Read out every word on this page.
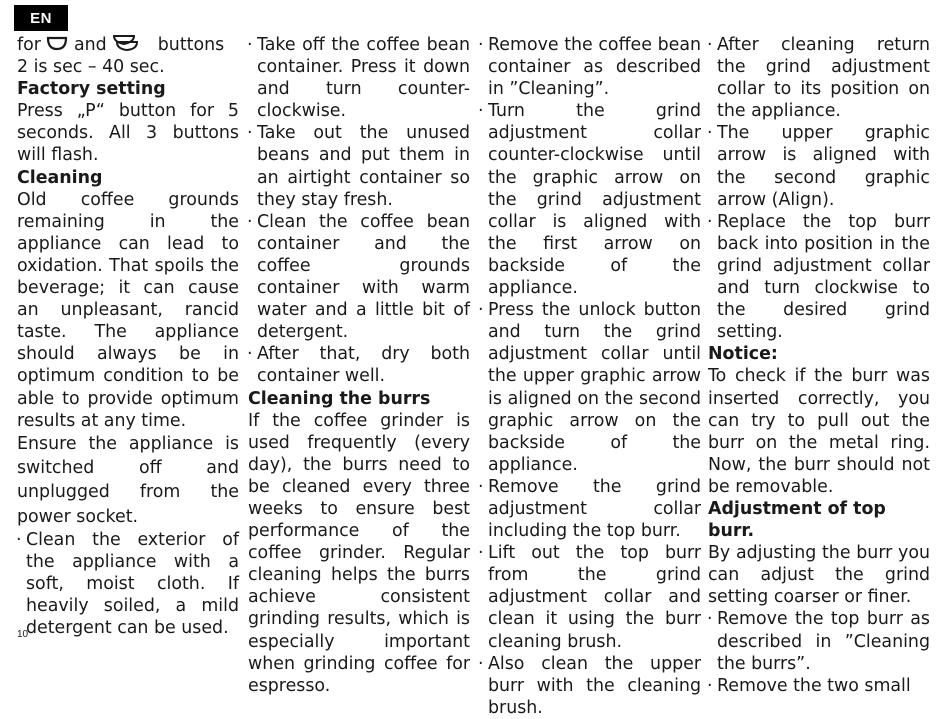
EN

for and	buttons

2 is sec – 40 sec.

Factory setting

Press „P“ button for 5 seconds. All 3 buttons will flash.

Cleaning

Old coffee grounds remaining in the appliance can lead to oxidation. That spoils the beverage; it can cause an unpleasant, rancid taste. The appliance should always be in optimum condition to be able to provide optimum results at any time.

Ensure the appliance is switched off and unplugged from the power socket.

· Clean the exterior of the appliance with a soft, moist cloth. If heavily soiled, a mild detergent can be used.
· Take off the coffee bean container. Press it down and turn counter-clockwise.
· Take out the unused beans and put them in an airtight container so they stay fresh.
· Clean the coffee bean container and the coffee grounds container with warm water and a little bit of detergent.
· After that, dry both container well.
Cleaning the burrs

If the coffee grinder is used frequently (every day), the burrs need to be cleaned every three weeks to ensure best performance of the coffee grinder. Regular cleaning helps the burrs achieve consistent grinding results, which is especially important when grinding coffee for espresso.

· Remove the coffee bean container as described in ”Cleaning”.
· Turn the grind adjustment collar counter-clockwise until the graphic arrow on the grind adjustment collar is aligned with the first arrow on backside of the appliance.
· Press the unlock button and turn the grind adjustment collar until the upper graphic arrow is aligned on the second graphic arrow on the backside of the appliance.
· Remove the grind adjustment collar including the top burr.
· Lift out the top burr from the grind adjustment collar and clean it using the burr cleaning brush.
· Also clean the upper burr with the cleaning brush.
· After cleaning return the grind adjustment collar to its position on the appliance.
· The upper graphic arrow is aligned with the second graphic arrow (Align).
· Replace the top burr back into position in the grind adjustment collar and turn clockwise to the desired grind setting.
Notice:

To check if the burr was inserted correctly, you can try to pull out the burr on the metal ring. Now, the burr should not be removable.

Adjustment of top burr.

By adjusting the burr you can adjust the grind setting coarser or finer.

· Remove the top burr as described in ”Cleaning the burrs”.
· Remove the two small
10
